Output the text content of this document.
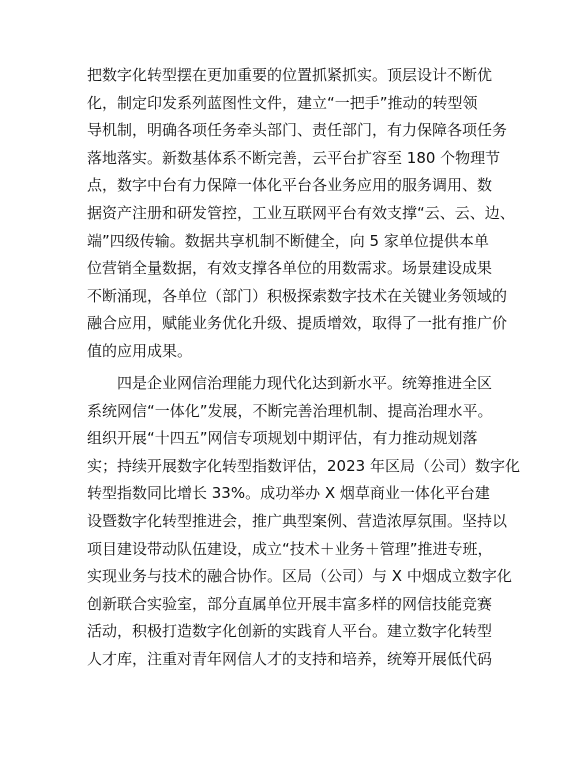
把数字化转型摆在更加重要的位置抓紧抓实。顶层设计不断优
化，制定印发系列蓝图性文件，建立“一把手”推动的转型领
导机制，明确各项任务牵头部门、责任部门，有力保障各项任务
落地落实。新数基体系不断完善，云平台扩容至 180 个物理节
点，数字中台有力保障一体化平台各业务应用的服务调用、数
据资产注册和研发管控，工业互联网平台有效支撑“云、云、边、
端”四级传输。数据共享机制不断健全，向 5 家单位提供本单
位营销全量数据，有效支撑各单位的用数需求。场景建设成果
不断涌现，各单位（部门）积极探索数字技术在关键业务领域的
融合应用，赋能业务优化升级、提质增效，取得了一批有推广价
值的应用成果。
　　四是企业网信治理能力现代化达到新水平。统筹推进全区
系统网信“一体化”发展，不断完善治理机制、提高治理水平。
组织开展“十四五”网信专项规划中期评估，有力推动规划落
实；持续开展数字化转型指数评估，2023 年区局（公司）数字化
转型指数同比增长 33%。成功举办 X 烟草商业一体化平台建
设暨数字化转型推进会，推广典型案例、营造浓厚氛围。坚持以
项目建设带动队伍建设，成立“技术＋业务＋管理”推进专班，
实现业务与技术的融合协作。区局（公司）与 X 中烟成立数字化
创新联合实验室，部分直属单位开展丰富多样的网信技能竞赛
活动，积极打造数字化创新的实践育人平台。建立数字化转型
人才库，注重对青年网信人才的支持和培养，统筹开展低代码
